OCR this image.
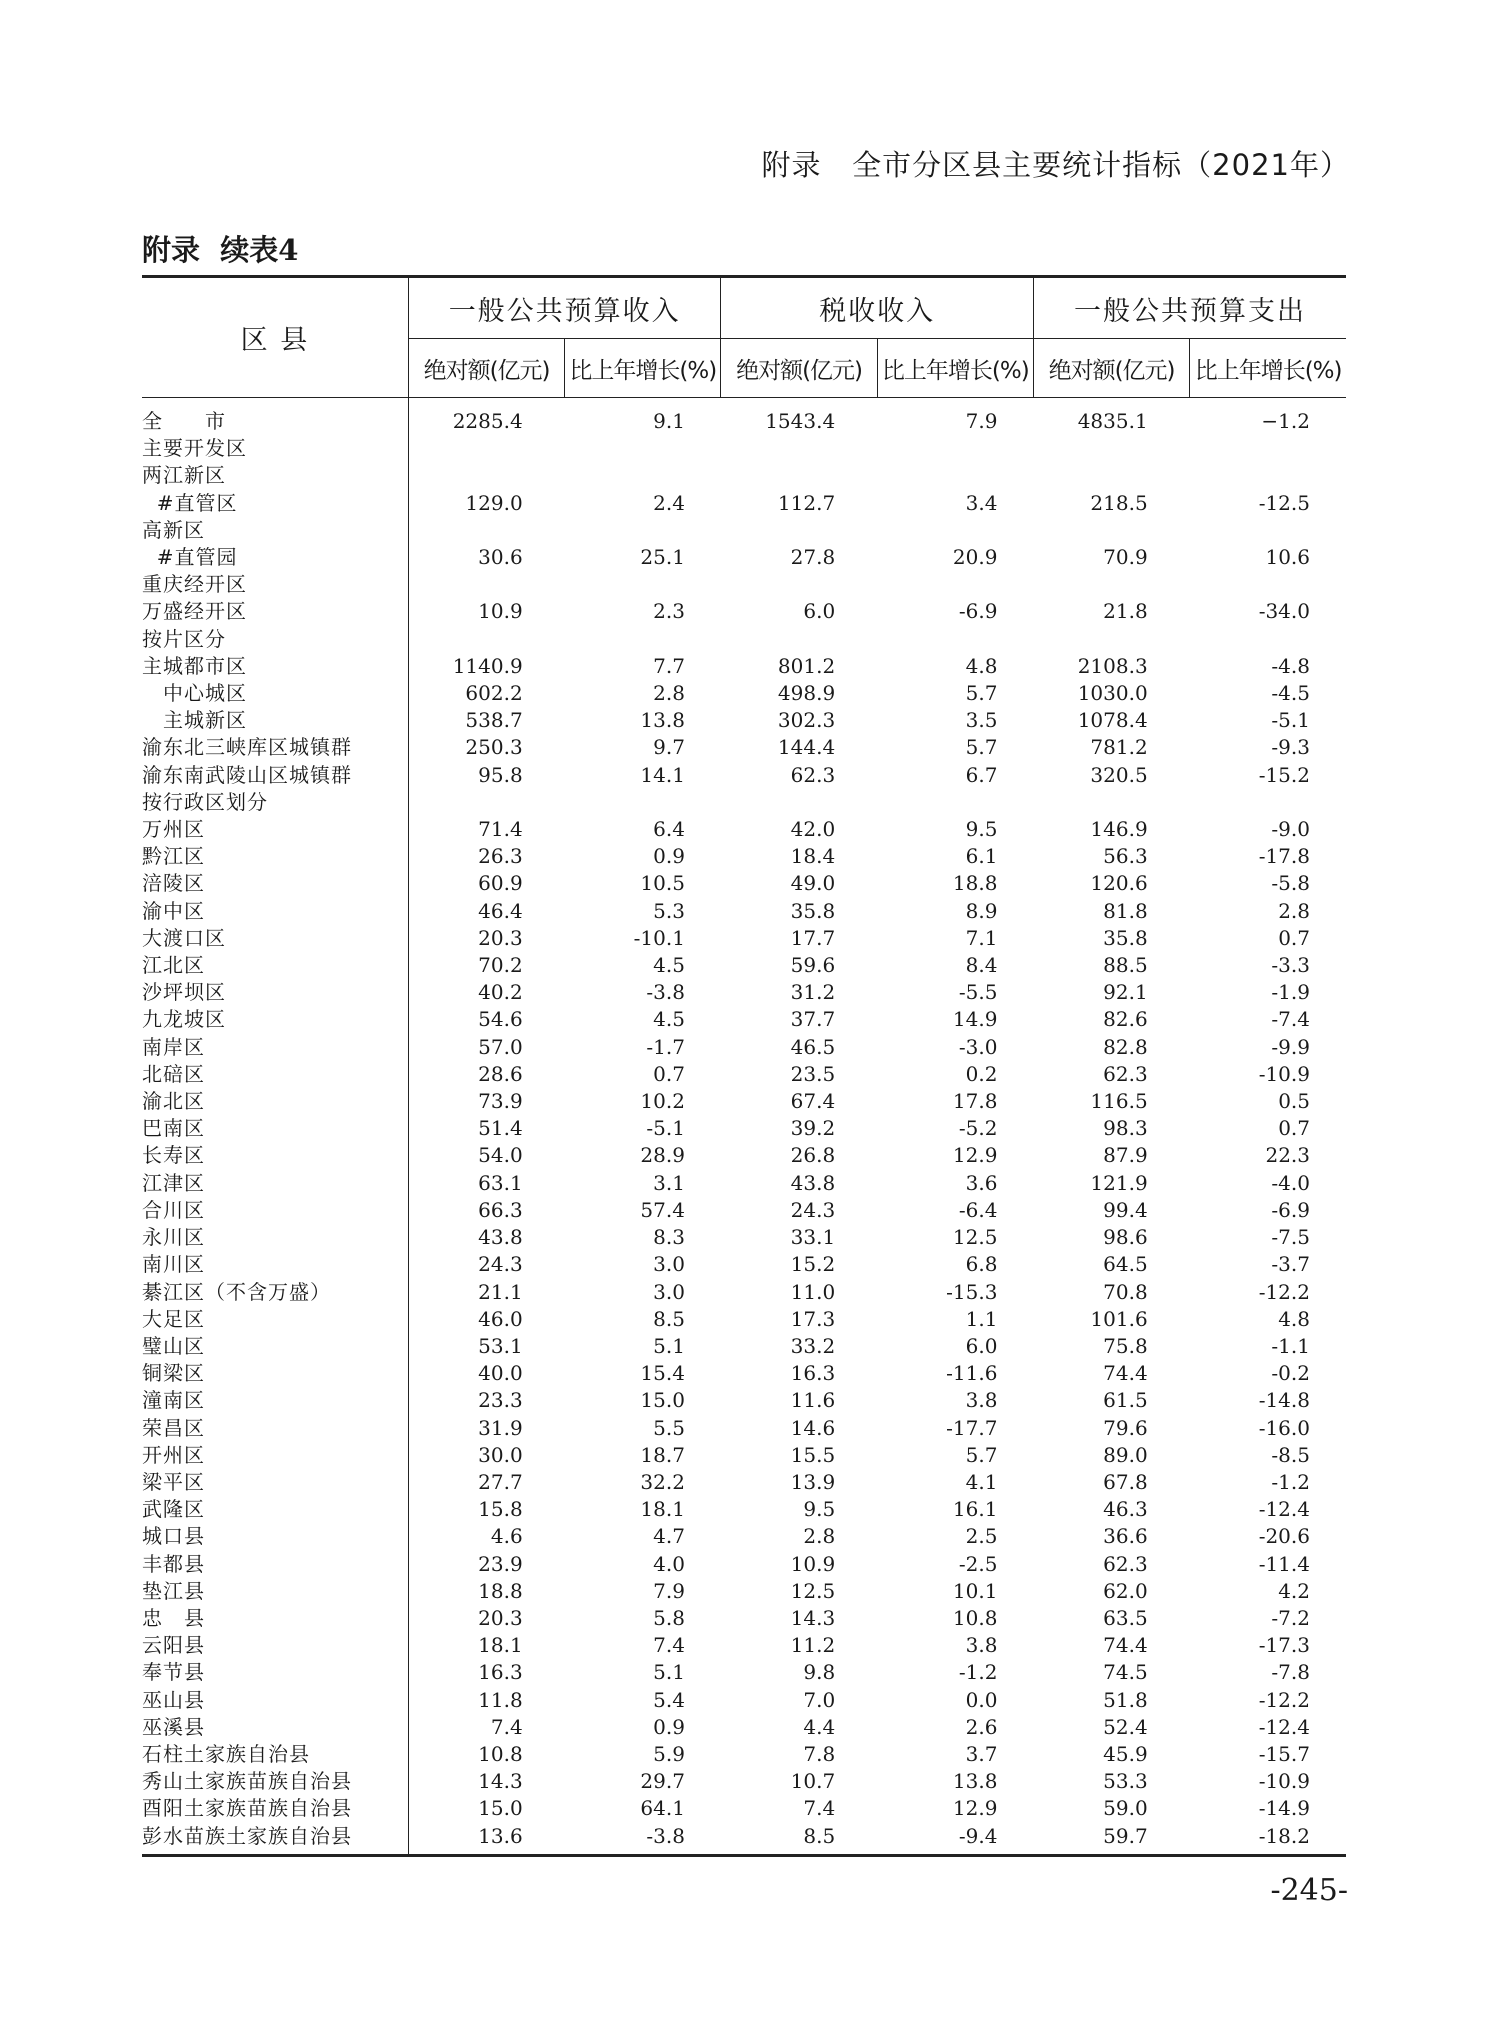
附录   全市分区县主要统计指标（2021年）
附录  续表4
区 县	一般公共预算收入		税收收入		一般公共预算支出	
	绝对额(亿元)	比上年增长(%)	绝对额(亿元)	比上年增长(%)	绝对额(亿元)	比上年增长(%)
全　　市	2285.4	9.1	1543.4	7.9	4835.1	−1.2
主要开发区						
两江新区						
#直管区	129.0	2.4	112.7	3.4	218.5	-12.5
高新区						
#直管园	30.6	25.1	27.8	20.9	70.9	10.6
重庆经开区						
万盛经开区	10.9	2.3	6.0	-6.9	21.8	-34.0
按片区分						
主城都市区	1140.9	7.7	801.2	4.8	2108.3	-4.8
　中心城区	602.2	2.8	498.9	5.7	1030.0	-4.5
　主城新区	538.7	13.8	302.3	3.5	1078.4	-5.1
渝东北三峡库区城镇群	250.3	9.7	144.4	5.7	781.2	-9.3
渝东南武陵山区城镇群	95.8	14.1	62.3	6.7	320.5	-15.2
按行政区划分						
万州区	71.4	6.4	42.0	9.5	146.9	-9.0
黔江区	26.3	0.9	18.4	6.1	56.3	-17.8
涪陵区	60.9	10.5	49.0	18.8	120.6	-5.8
渝中区	46.4	5.3	35.8	8.9	81.8	2.8
大渡口区	20.3	-10.1	17.7	7.1	35.8	0.7
江北区	70.2	4.5	59.6	8.4	88.5	-3.3
沙坪坝区	40.2	-3.8	31.2	-5.5	92.1	-1.9
九龙坡区	54.6	4.5	37.7	14.9	82.6	-7.4
南岸区	57.0	-1.7	46.5	-3.0	82.8	-9.9
北碚区	28.6	0.7	23.5	0.2	62.3	-10.9
渝北区	73.9	10.2	67.4	17.8	116.5	0.5
巴南区	51.4	-5.1	39.2	-5.2	98.3	0.7
长寿区	54.0	28.9	26.8	12.9	87.9	22.3
江津区	63.1	3.1	43.8	3.6	121.9	-4.0
合川区	66.3	57.4	24.3	-6.4	99.4	-6.9
永川区	43.8	8.3	33.1	12.5	98.6	-7.5
南川区	24.3	3.0	15.2	6.8	64.5	-3.7
綦江区（不含万盛）	21.1	3.0	11.0	-15.3	70.8	-12.2
大足区	46.0	8.5	17.3	1.1	101.6	4.8
璧山区	53.1	5.1	33.2	6.0	75.8	-1.1
铜梁区	40.0	15.4	16.3	-11.6	74.4	-0.2
潼南区	23.3	15.0	11.6	3.8	61.5	-14.8
荣昌区	31.9	5.5	14.6	-17.7	79.6	-16.0
开州区	30.0	18.7	15.5	5.7	89.0	-8.5
梁平区	27.7	32.2	13.9	4.1	67.8	-1.2
武隆区	15.8	18.1	9.5	16.1	46.3	-12.4
城口县	4.6	4.7	2.8	2.5	36.6	-20.6
丰都县	23.9	4.0	10.9	-2.5	62.3	-11.4
垫江县	18.8	7.9	12.5	10.1	62.0	4.2
忠　县	20.3	5.8	14.3	10.8	63.5	-7.2
云阳县	18.1	7.4	11.2	3.8	74.4	-17.3
奉节县	16.3	5.1	9.8	-1.2	74.5	-7.8
巫山县	11.8	5.4	7.0	0.0	51.8	-12.2
巫溪县	7.4	0.9	4.4	2.6	52.4	-12.4
石柱土家族自治县	10.8	5.9	7.8	3.7	45.9	-15.7
秀山土家族苗族自治县	14.3	29.7	10.7	13.8	53.3	-10.9
酉阳土家族苗族自治县	15.0	64.1	7.4	12.9	59.0	-14.9
彭水苗族土家族自治县	13.6	-3.8	8.5	-9.4	59.7	-18.2
-245-
